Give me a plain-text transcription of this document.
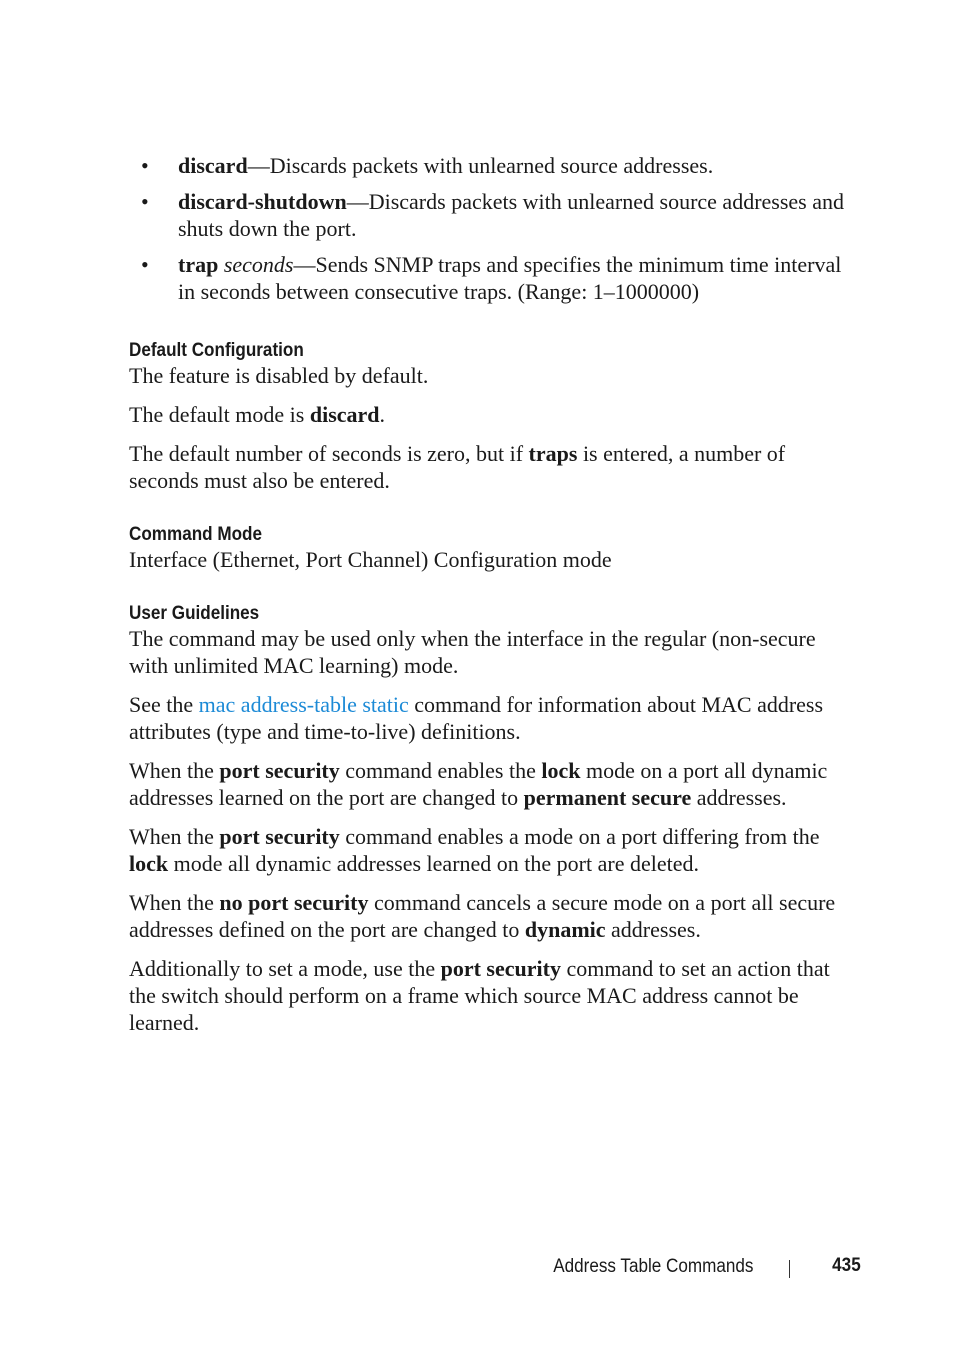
• discard—Discards packets with unlearned source addresses.
• discard-shutdown—Discards packets with unlearned source addresses and shuts down the port.
• trap seconds—Sends SNMP traps and specifies the minimum time interval in seconds between consecutive traps. (Range: 1–1000000)
Default Configuration

The feature is disabled by default.

The default mode is discard.

The default number of seconds is zero, but if traps is entered, a number of seconds must also be entered.

Command Mode

Interface (Ethernet, Port Channel) Configuration mode

User Guidelines

The command may be used only when the interface in the regular (non-secure with unlimited MAC learning) mode.

See the mac address-table static command for information about MAC address attributes (type and time-to-live) definitions.

When the port security command enables the lock mode on a port all dynamic addresses learned on the port are changed to permanent secure addresses.

When the port security command enables a mode on a port differing from the lock mode all dynamic addresses learned on the port are deleted.

When the no port security command cancels a secure mode on a port all secure addresses defined on the port are changed to dynamic addresses.

Additionally to set a mode, use the port security command to set an action that the switch should perform on a frame which source MAC address cannot be learned.

Address Table Commands	435
